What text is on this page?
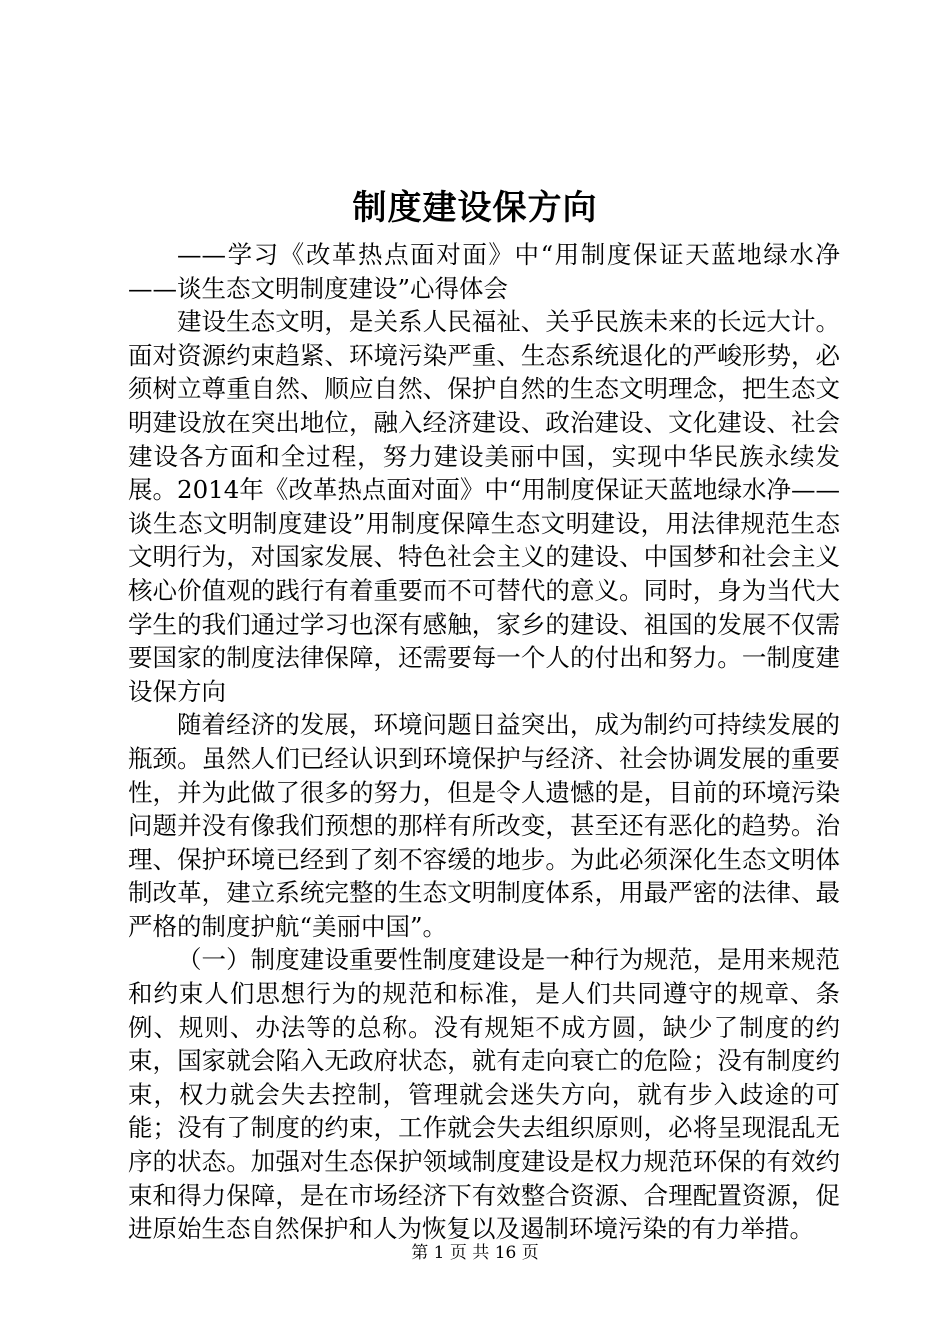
制度建设保方向

——学习《改革热点面对面》中“用制度保证天蓝地绿水净——谈生态文明制度建设”心得体会

建设生态文明，是关系人民福祉、关乎民族未来的长远大计。面对资源约束趋紧、环境污染严重、生态系统退化的严峻形势，必须树立尊重自然、顺应自然、保护自然的生态文明理念，把生态文明建设放在突出地位，融入经济建设、政治建设、文化建设、社会建设各方面和全过程，努力建设美丽中国，实现中华民族永续发展。2014年《改革热点面对面》中“用制度保证天蓝地绿水净——谈生态文明制度建设”用制度保障生态文明建设，用法律规范生态文明行为，对国家发展、特色社会主义的建设、中国梦和社会主义核心价值观的践行有着重要而不可替代的意义。同时，身为当代大学生的我们通过学习也深有感触，家乡的建设、祖国的发展不仅需要国家的制度法律保障，还需要每一个人的付出和努力。一制度建设保方向

随着经济的发展，环境问题日益突出，成为制约可持续发展的瓶颈。虽然人们已经认识到环境保护与经济、社会协调发展的重要性，并为此做了很多的努力，但是令人遗憾的是，目前的环境污染问题并没有像我们预想的那样有所改变，甚至还有恶化的趋势。治理、保护环境已经到了刻不容缓的地步。为此必须深化生态文明体制改革，建立系统完整的生态文明制度体系，用最严密的法律、最严格的制度护航“美丽中国”。

（一）制度建设重要性制度建设是一种行为规范，是用来规范和约束人们思想行为的规范和标准，是人们共同遵守的规章、条例、规则、办法等的总称。没有规矩不成方圆，缺少了制度的约束，国家就会陷入无政府状态，就有走向衰亡的危险；没有制度约束，权力就会失去控制，管理就会迷失方向，就有步入歧途的可能；没有了制度的约束，工作就会失去组织原则，必将呈现混乱无序的状态。加强对生态保护领域制度建设是权力规范环保的有效约束和得力保障，是在市场经济下有效整合资源、合理配置资源，促进原始生态自然保护和人为恢复以及遏制环境污染的有力举措。

第 1 页 共 16 页
